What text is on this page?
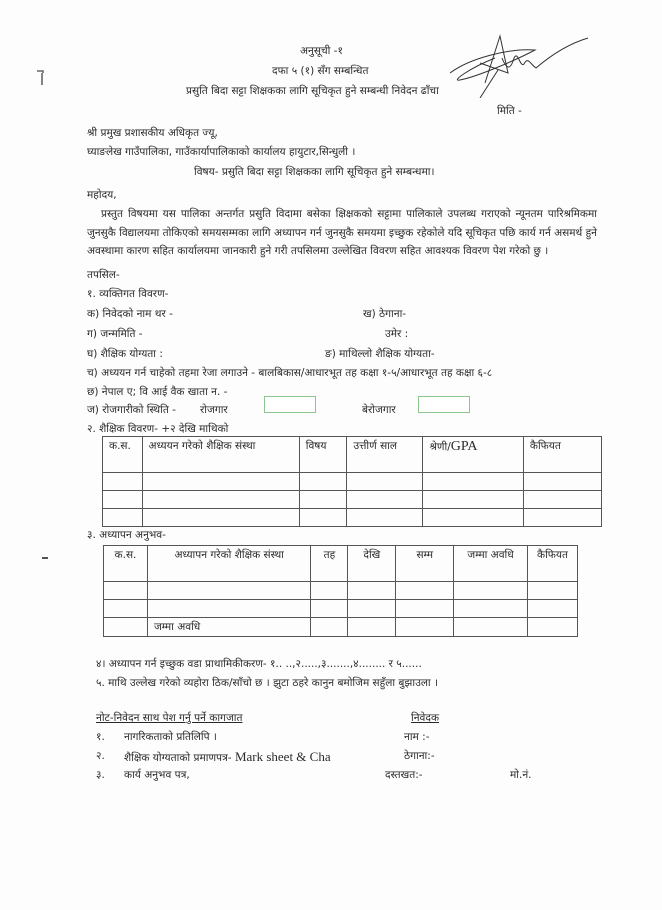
अनुसूची -१
दफा ५ (१) सँग सम्बन्धित
प्रसुति बिदा सट्टा शिक्षकका लागि सूचिकृत हुने सम्बन्धी निवेदन ढाँचा
मिति -
श्री प्रमुख प्रशासकीय अधिकृत ज्यू,
घ्याङलेख गाउँपालिका, गाउँकार्यापालिकाको कार्यालय हायुटार,सिन्धुली ।
विषय- प्रसुति बिदा सट्टा शिक्षकका लागि सूचिकृत हुने सम्बन्धमा।
महोदय,
प्रस्तुत विषयमा यस पालिका अन्तर्गत प्रसुति विदामा बसेका क्षिक्षकको सट्टामा पालिकाले उपलब्ध गराएको न्यूनतम पारिश्रमिकमा जुनसुकै विद्यालयमा तोकिएको समयसम्मका लागि अध्यापन गर्न जुनसुकै समयमा इच्छुक रहेकोले यदि सूचिकृत पछि कार्य गर्न असमर्थ हुने अवस्थामा कारण सहित कार्यालयमा जानकारी हुने गरी तपसिलमा उल्लेखित विवरण सहित आवश्यक विवरण पेश गरेको छु ।
तपसिल-
१. व्यक्तिगत विवरण-
क) निवेदको नाम थर -	ख) ठेगाना-
ग) जन्ममिति -	उमेर :
घ) शैक्षिक योग्यता :	ङ) माथिल्लो शैक्षिक योग्यता-
च) अध्ययन गर्न चाहेको तहमा रेजा लगाउने - बालबिकास/आधारभूत तह कक्षा १-५/आधारभूत तह कक्षा ६-८
छ) नेपाल ए; वि आई वैक खाता न. -
ज) रोजगारीको स्थिति - रोजगार	बेरोजगार
२. शैक्षिक विवरण- +२ देखि माथिको
क.स.	अध्ययन गरेको शैक्षिक संस्था	विषय	उत्तीर्ण साल	श्रेणी/GPA	कैफियत

३. अध्यापन अनुभव-
क.स.	अध्यापन गरेको शैक्षिक संस्था	तह	देखि	सम्म	जम्मा अवधि	कैफियत

	जम्मा अवधि					
४। अध्यापन गर्न इच्छुक वडा प्राथामिकीकरण- १.. ..,२.....,३.......,४........ र ५......
५. माथि उल्लेख गरेको व्यहोरा ठिक/साँचो छ । झुटा ठहरे कानुन बमोजिम सहुँला बुझाउला ।
नोट-निवेदन साथ पेश गर्नु पर्ने कागजात
१. नागरिकताको प्रतिलिपि ।
२. शैक्षिक योग्यताको प्रमाणपत्र- Mark sheet & Cha
३. कार्य अनुभव पत्र,
निवेदक
नाम :-
ठेगाना:-
दस्तखत:-	मो.नं.
